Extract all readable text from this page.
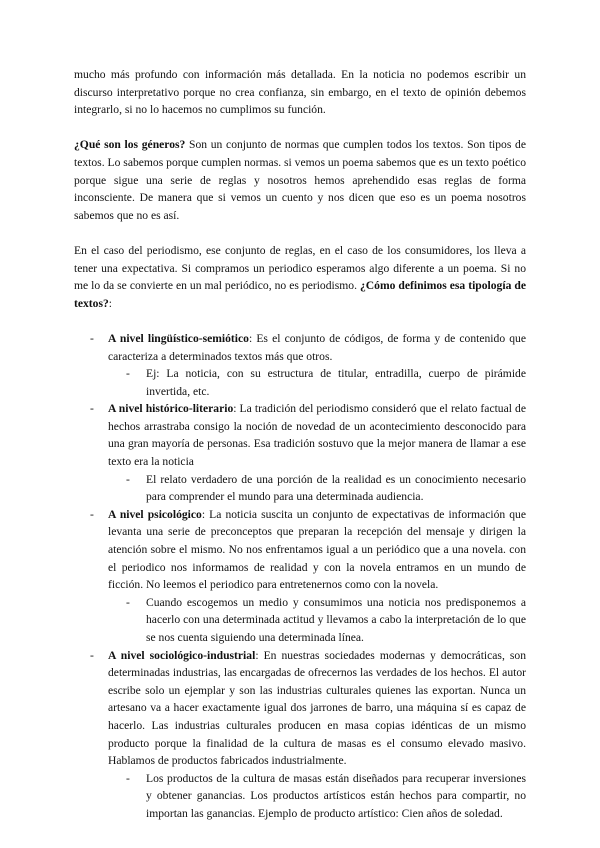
mucho más profundo con información más detallada. En la noticia no podemos escribir un discurso interpretativo porque no crea confianza, sin embargo, en el texto de opinión debemos integrarlo, si no lo hacemos no cumplimos su función.

¿Qué son los géneros? Son un conjunto de normas que cumplen todos los textos. Son tipos de textos. Lo sabemos porque cumplen normas. si vemos un poema sabemos que es un texto poético porque sigue una serie de reglas y nosotros hemos aprehendido esas reglas de forma inconsciente. De manera que si vemos un cuento y nos dicen que eso es un poema nosotros sabemos que no es así.

En el caso del periodismo, ese conjunto de reglas, en el caso de los consumidores, los lleva a tener una expectativa. Si compramos un periodico esperamos algo diferente a un poema. Si no me lo da se convierte en un mal periódico, no es periodismo. ¿Cómo definimos esa tipología de textos?:

- A nivel lingüístico-semiótico: Es el conjunto de códigos, de forma y de contenido que caracteriza a determinados textos más que otros.

- Ej: La noticia, con su estructura de titular, entradilla, cuerpo de pirámide invertida, etc.

- A nivel histórico-literario: La tradición del periodismo consideró que el relato factual de hechos arrastraba consigo la noción de novedad de un acontecimiento desconocido para una gran mayoría de personas. Esa tradición sostuvo que la mejor manera de llamar a ese texto era la noticia

- El relato verdadero de una porción de la realidad es un conocimiento necesario para comprender el mundo para una determinada audiencia.

- A nivel psicológico: La noticia suscita un conjunto de expectativas de información que levanta una serie de preconceptos que preparan la recepción del mensaje y dirigen la atención sobre el mismo. No nos enfrentamos igual a un periódico que a una novela. con el periodico nos informamos de realidad y con la novela entramos en un mundo de ficción. No leemos el periodico para entretenernos como con la novela.

- Cuando escogemos un medio y consumimos una noticia nos predisponemos a hacerlo con una determinada actitud y llevamos a cabo la interpretación de lo que se nos cuenta siguiendo una determinada línea.

- A nivel sociológico-industrial: En nuestras sociedades modernas y democráticas, son determinadas industrias, las encargadas de ofrecernos las verdades de los hechos. El autor escribe solo un ejemplar y son las industrias culturales quienes las exportan. Nunca un artesano va a hacer exactamente igual dos jarrones de barro, una máquina sí es capaz de hacerlo. Las industrias culturales producen en masa copias idénticas de un mismo producto porque la finalidad de la cultura de masas es el consumo elevado masivo. Hablamos de productos fabricados industrialmente.

- Los productos de la cultura de masas están diseñados para recuperar inversiones y obtener ganancias. Los productos artísticos están hechos para compartir, no importan las ganancias. Ejemplo de producto artístico: Cien años de soledad.
